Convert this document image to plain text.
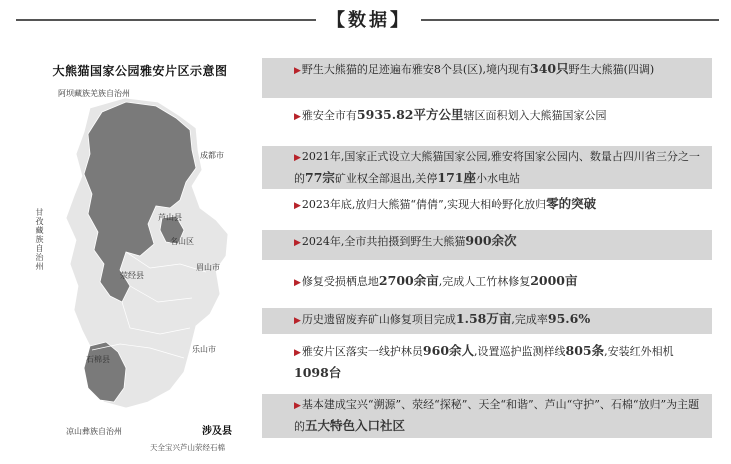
【数据】
大熊猫国家公园雅安片区示意图
阿坝藏族羌族自治州
成都市
甘孜藏族自治州	眉山市
乐山市
芦山县
名山区
荥经县
石棉县
凉山彝族自治州	涉及县
天全宝兴芦山荥经石棉
▶野生大熊猫的足迹遍布雅安8个县(区),境内现有340只野生大熊猫(四调)
▶雅安全市有5935.82平方公里辖区面积划入大熊猫国家公园
▶2021年,国家正式设立大熊猫国家公园,雅安将国家公园内、数量占四川省三分之一的77宗矿业权全部退出,关停171座小水电站
▶2023年底,放归大熊猫“倩倩”,实现大相岭野化放归零的突破
▶2024年,全市共拍摄到野生大熊猫900余次
▶修复受损栖息地2700余亩,完成人工竹林修复2000亩
▶历史遗留废弃矿山修复项目完成1.58万亩,完成率95.6%
▶雅安片区落实一线护林员960余人,设置巡护监测样线805条,安装红外相机1098台
▶基本建成宝兴“溯源”、荥经“探秘”、天全“和谐”、芦山“守护”、石棉“放归”为主题的五大特色入口社区
